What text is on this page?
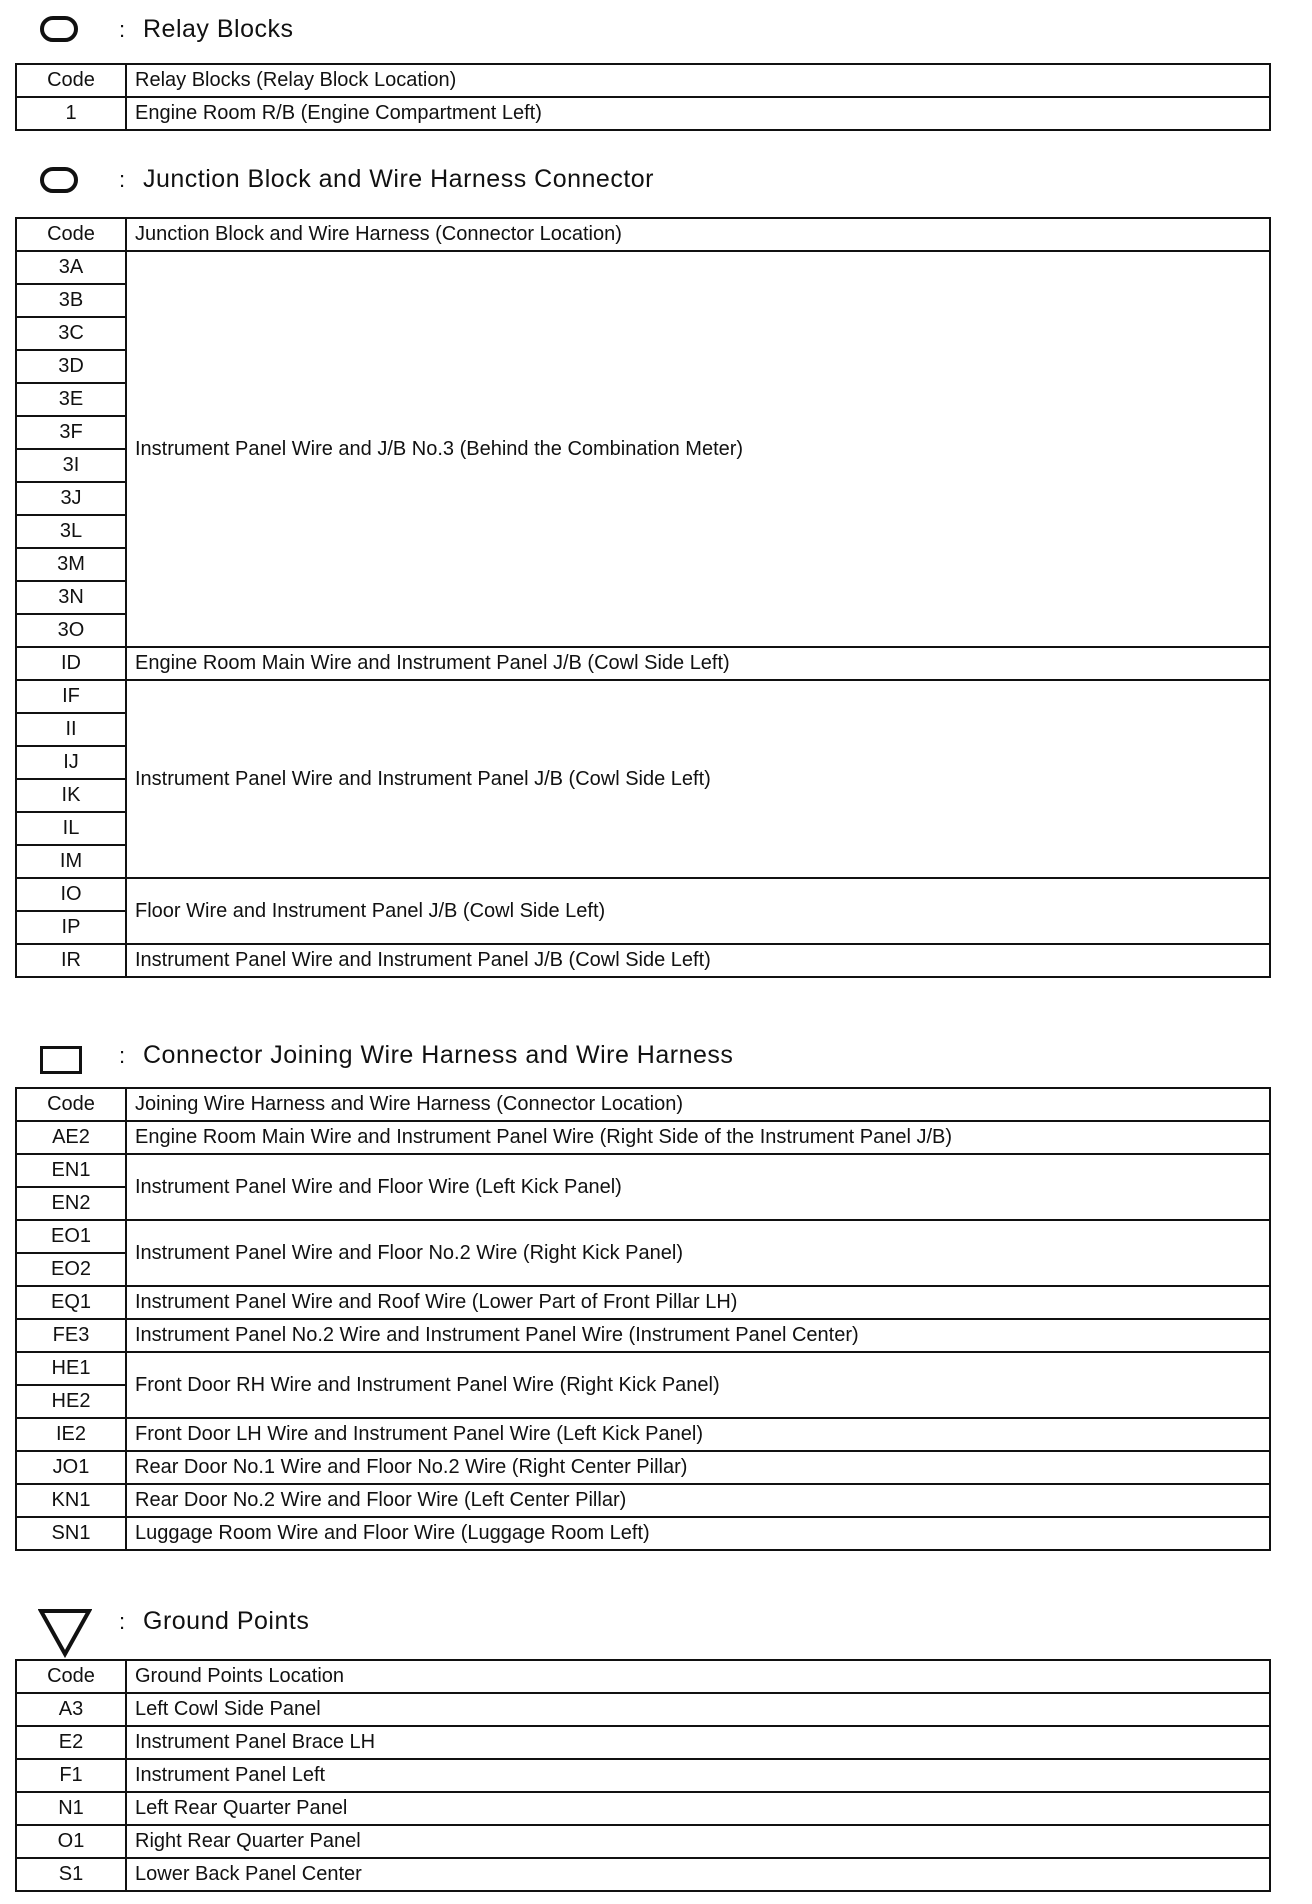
: Relay Blocks
Code	Relay Blocks (Relay Block Location)
1	Engine Room R/B (Engine Compartment Left)
: Junction Block and Wire Harness Connector
Code	Junction Block and Wire Harness (Connector Location)
3A	Instrument Panel Wire and J/B No.3 (Behind the Combination Meter)
3B	
3C	
3D	
3E	
3F	
3I	
3J	
3L	
3M	
3N	
3O	
ID	Engine Room Main Wire and Instrument Panel J/B (Cowl Side Left)
IF	Instrument Panel Wire and Instrument Panel J/B (Cowl Side Left)
II	
IJ	
IK	
IL	
IM	
IO	Floor Wire and Instrument Panel J/B (Cowl Side Left)
IP	
IR	Instrument Panel Wire and Instrument Panel J/B (Cowl Side Left)
: Connector Joining Wire Harness and Wire Harness
Code	Joining Wire Harness and Wire Harness (Connector Location)
AE2	Engine Room Main Wire and Instrument Panel Wire (Right Side of the Instrument Panel J/B)
EN1	Instrument Panel Wire and Floor Wire (Left Kick Panel)
EN2	
EO1	Instrument Panel Wire and Floor No.2 Wire (Right Kick Panel)
EO2	
EQ1	Instrument Panel Wire and Roof Wire (Lower Part of Front Pillar LH)
FE3	Instrument Panel No.2 Wire and Instrument Panel Wire (Instrument Panel Center)
HE1	Front Door RH Wire and Instrument Panel Wire (Right Kick Panel)
HE2	
IE2	Front Door LH Wire and Instrument Panel Wire (Left Kick Panel)
JO1	Rear Door No.1 Wire and Floor No.2 Wire (Right Center Pillar)
KN1	Rear Door No.2 Wire and Floor Wire (Left Center Pillar)
SN1	Luggage Room Wire and Floor Wire (Luggage Room Left)
: Ground Points
Code	Ground Points Location
A3	Left Cowl Side Panel
E2	Instrument Panel Brace LH
F1	Instrument Panel Left
N1	Left Rear Quarter Panel
O1	Right Rear Quarter Panel
S1	Lower Back Panel Center
